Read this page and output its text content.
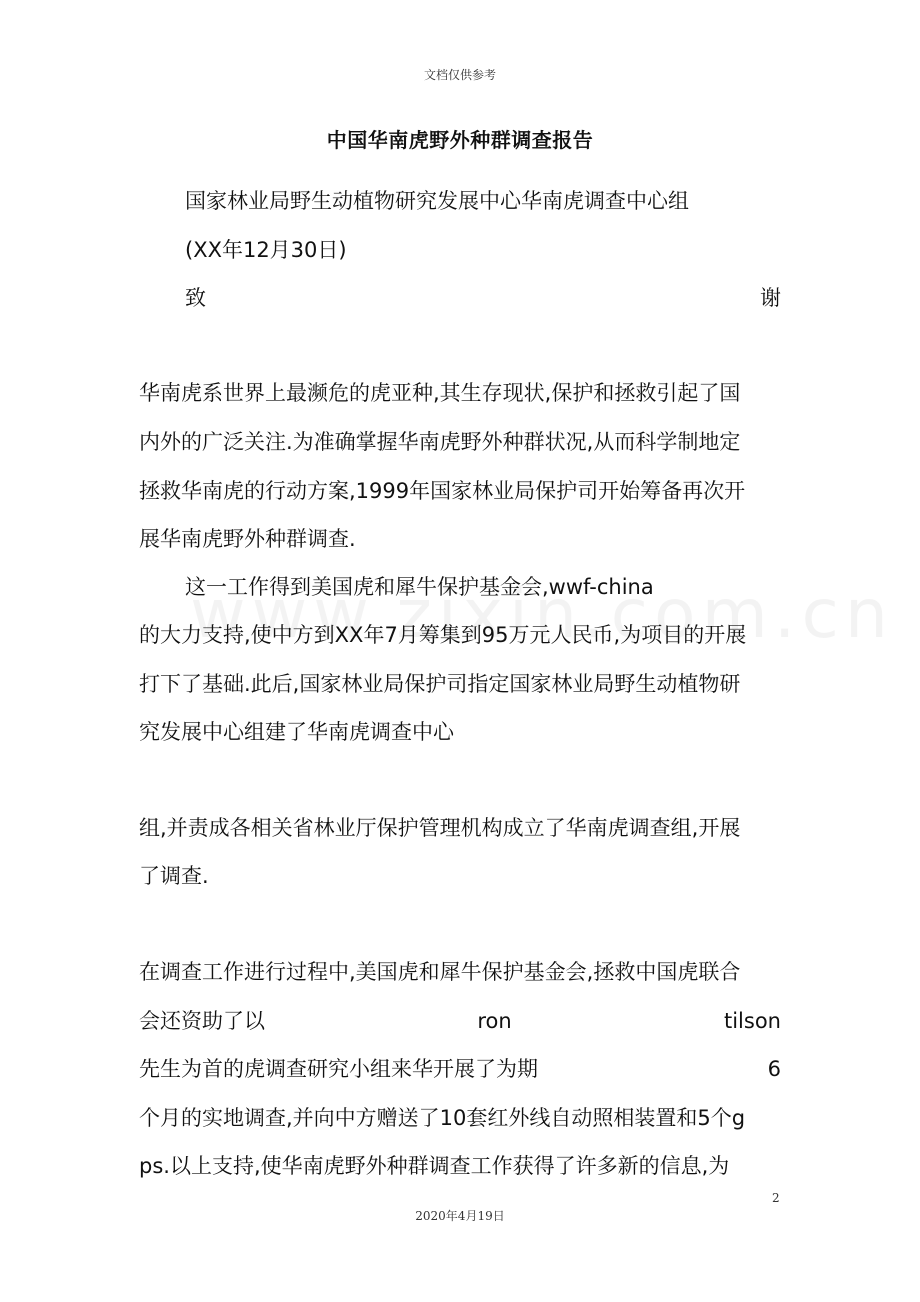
文档仅供参考
中国华南虎野外种群调查报告
国家林业局野生动植物研究发展中心华南虎调查中心组
(XX年12月30日)
致	谢
华南虎系世界上最濒危的虎亚种,其生存现状,保护和拯救引起了国
内外的广泛关注.为准确掌握华南虎野外种群状况,从而科学制地定
拯救华南虎的行动方案,1999年国家林业局保护司开始筹备再次开
展华南虎野外种群调查.
这一工作得到美国虎和犀牛保护基金会,wwf-china
的大力支持,使中方到XX年7月筹集到95万元人民币,为项目的开展
打下了基础.此后,国家林业局保护司指定国家林业局野生动植物研
究发展中心组建了华南虎调查中心
组,并责成各相关省林业厅保护管理机构成立了华南虎调查组,开展
了调查.
在调查工作进行过程中,美国虎和犀牛保护基金会,拯救中国虎联合
会还资助了以	ron	tilson
先生为首的虎调查研究小组来华开展了为期	6
个月的实地调查,并向中方赠送了10套红外线自动照相装置和5个g
ps.以上支持,使华南虎野外种群调查工作获得了许多新的信息,为
2
2020年4月19日
